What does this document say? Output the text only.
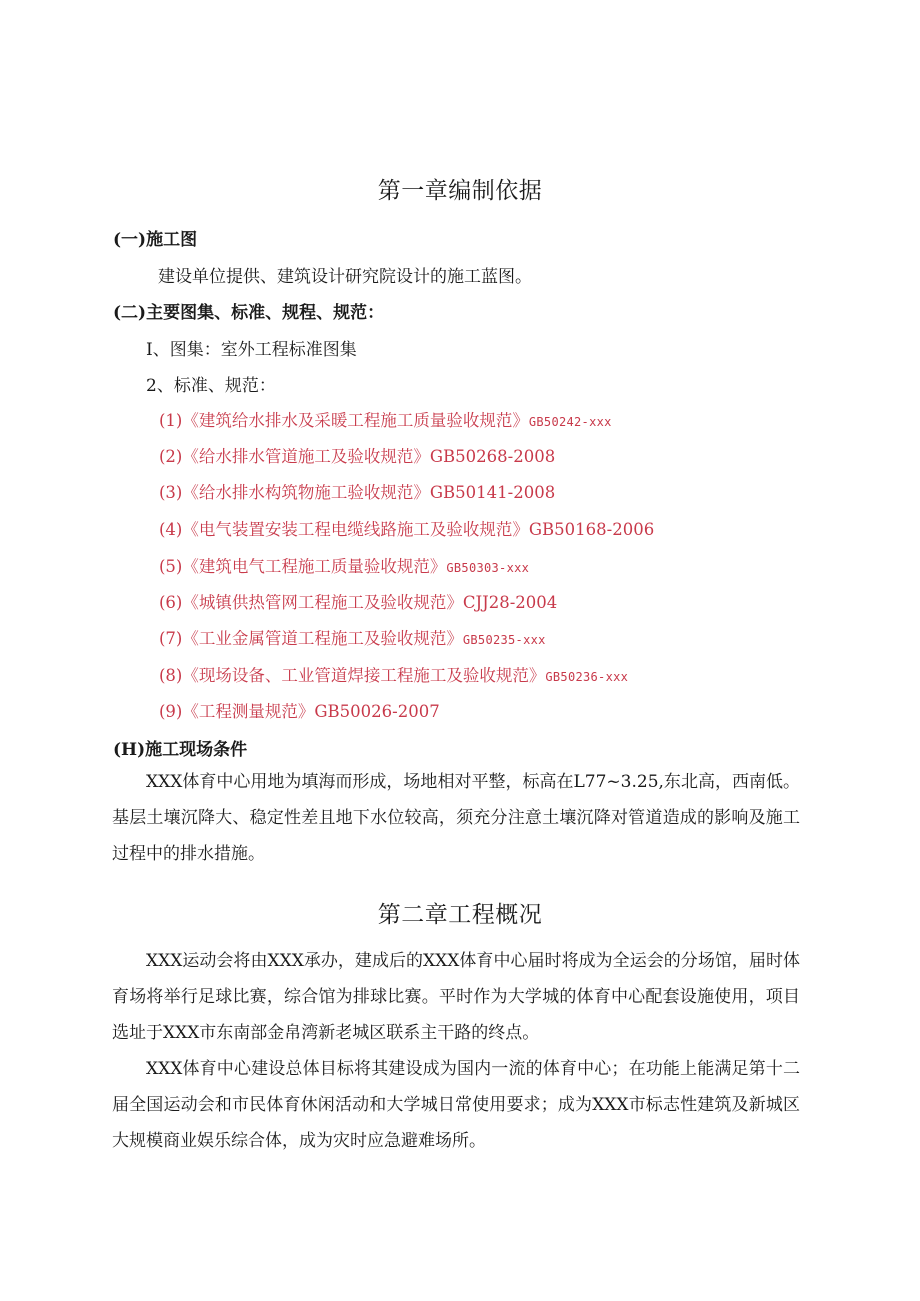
第一章编制依据
(一)施工图

建设单位提供、建筑设计研究院设计的施工蓝图。

(二)主要图集、标准、规程、规范：

I、图集：室外工程标准图集

2、标准、规范：

(1)《建筑给水排水及采暖工程施工质量验收规范》GB50242-xxx

(2)《给水排水管道施工及验收规范》GB50268-2008

(3)《给水排水构筑物施工验收规范》GB50141-2008

(4)《电气装置安装工程电缆线路施工及验收规范》GB50168-2006

(5)《建筑电气工程施工质量验收规范》GB50303-xxx

(6)《城镇供热管网工程施工及验收规范》CJJ28-2004

(7)《工业金属管道工程施工及验收规范》GB50235-xxx

(8)《现场设备、工业管道焊接工程施工及验收规范》GB50236-xxx

(9)《工程测量规范》GB50026-2007

(H)施工现场条件

XXX体育中心用地为填海而形成，场地相对平整，标高在L77~3.25,东北高，西南低。基层土壤沉降大、稳定性差且地下水位较高，须充分注意土壤沉降对管道造成的影响及施工过程中的排水措施。

第二章工程概况

XXX运动会将由XXX承办，建成后的XXX体育中心届时将成为全运会的分场馆，届时体育场将举行足球比赛，综合馆为排球比赛。平时作为大学城的体育中心配套设施使用，项目选址于XXX市东南部金帛湾新老城区联系主干路的终点。

XXX体育中心建设总体目标将其建设成为国内一流的体育中心；在功能上能满足第十二届全国运动会和市民体育休闲活动和大学城日常使用要求；成为XXX市标志性建筑及新城区大规模商业娱乐综合体，成为灾时应急避难场所。
